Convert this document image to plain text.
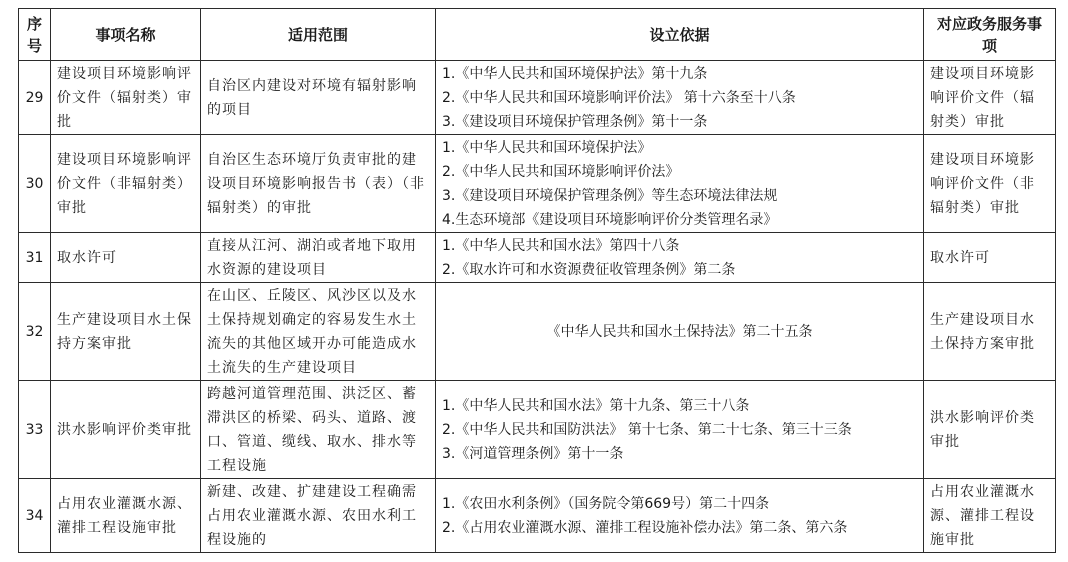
序号	事项名称	适用范围	设立依据	对应政务服务事项
29	建设项目环境影响评价文件（辐射类）审批	自治区内建设对环境有辐射影响的项目	1.《中华人民共和国环境保护法》第十九条
2.《中华人民共和国环境影响评价法》 第十六条至十八条
3.《建设项目环境保护管理条例》第十一条	建设项目环境影响评价文件（辐射类）审批
30	建设项目环境影响评价文件（非辐射类）审批	自治区生态环境厅负责审批的建设项目环境影响报告书（表）（非辐射类）的审批	1.《中华人民共和国环境保护法》
2.《中华人民共和国环境影响评价法》
3.《建设项目环境保护管理条例》等生态环境法律法规
4.生态环境部《建设项目环境影响评价分类管理名录》	建设项目环境影响评价文件（非辐射类）审批
31	取水许可	直接从江河、湖泊或者地下取用水资源的建设项目	1.《中华人民共和国水法》第四十八条
2.《取水许可和水资源费征收管理条例》第二条	取水许可
32	生产建设项目水土保持方案审批	在山区、丘陵区、风沙区以及水土保持规划确定的容易发生水土流失的其他区域开办可能造成水土流失的生产建设项目	《中华人民共和国水土保持法》第二十五条	生产建设项目水土保持方案审批
33	洪水影响评价类审批	跨越河道管理范围、洪泛区、蓄滞洪区的桥梁、码头、道路、渡口、管道、缆线、取水、排水等工程设施	1.《中华人民共和国水法》第十九条、第三十八条
2.《中华人民共和国防洪法》 第十七条、第二十七条、第三十三条
3.《河道管理条例》第十一条	洪水影响评价类审批
34	占用农业灌溉水源、灌排工程设施审批	新建、改建、扩建建设工程确需占用农业灌溉水源、农田水利工程设施的	1.《农田水利条例》（国务院令第669号）第二十四条
2.《占用农业灌溉水源、灌排工程设施补偿办法》第二条、第六条	占用农业灌溉水源、灌排工程设施审批
